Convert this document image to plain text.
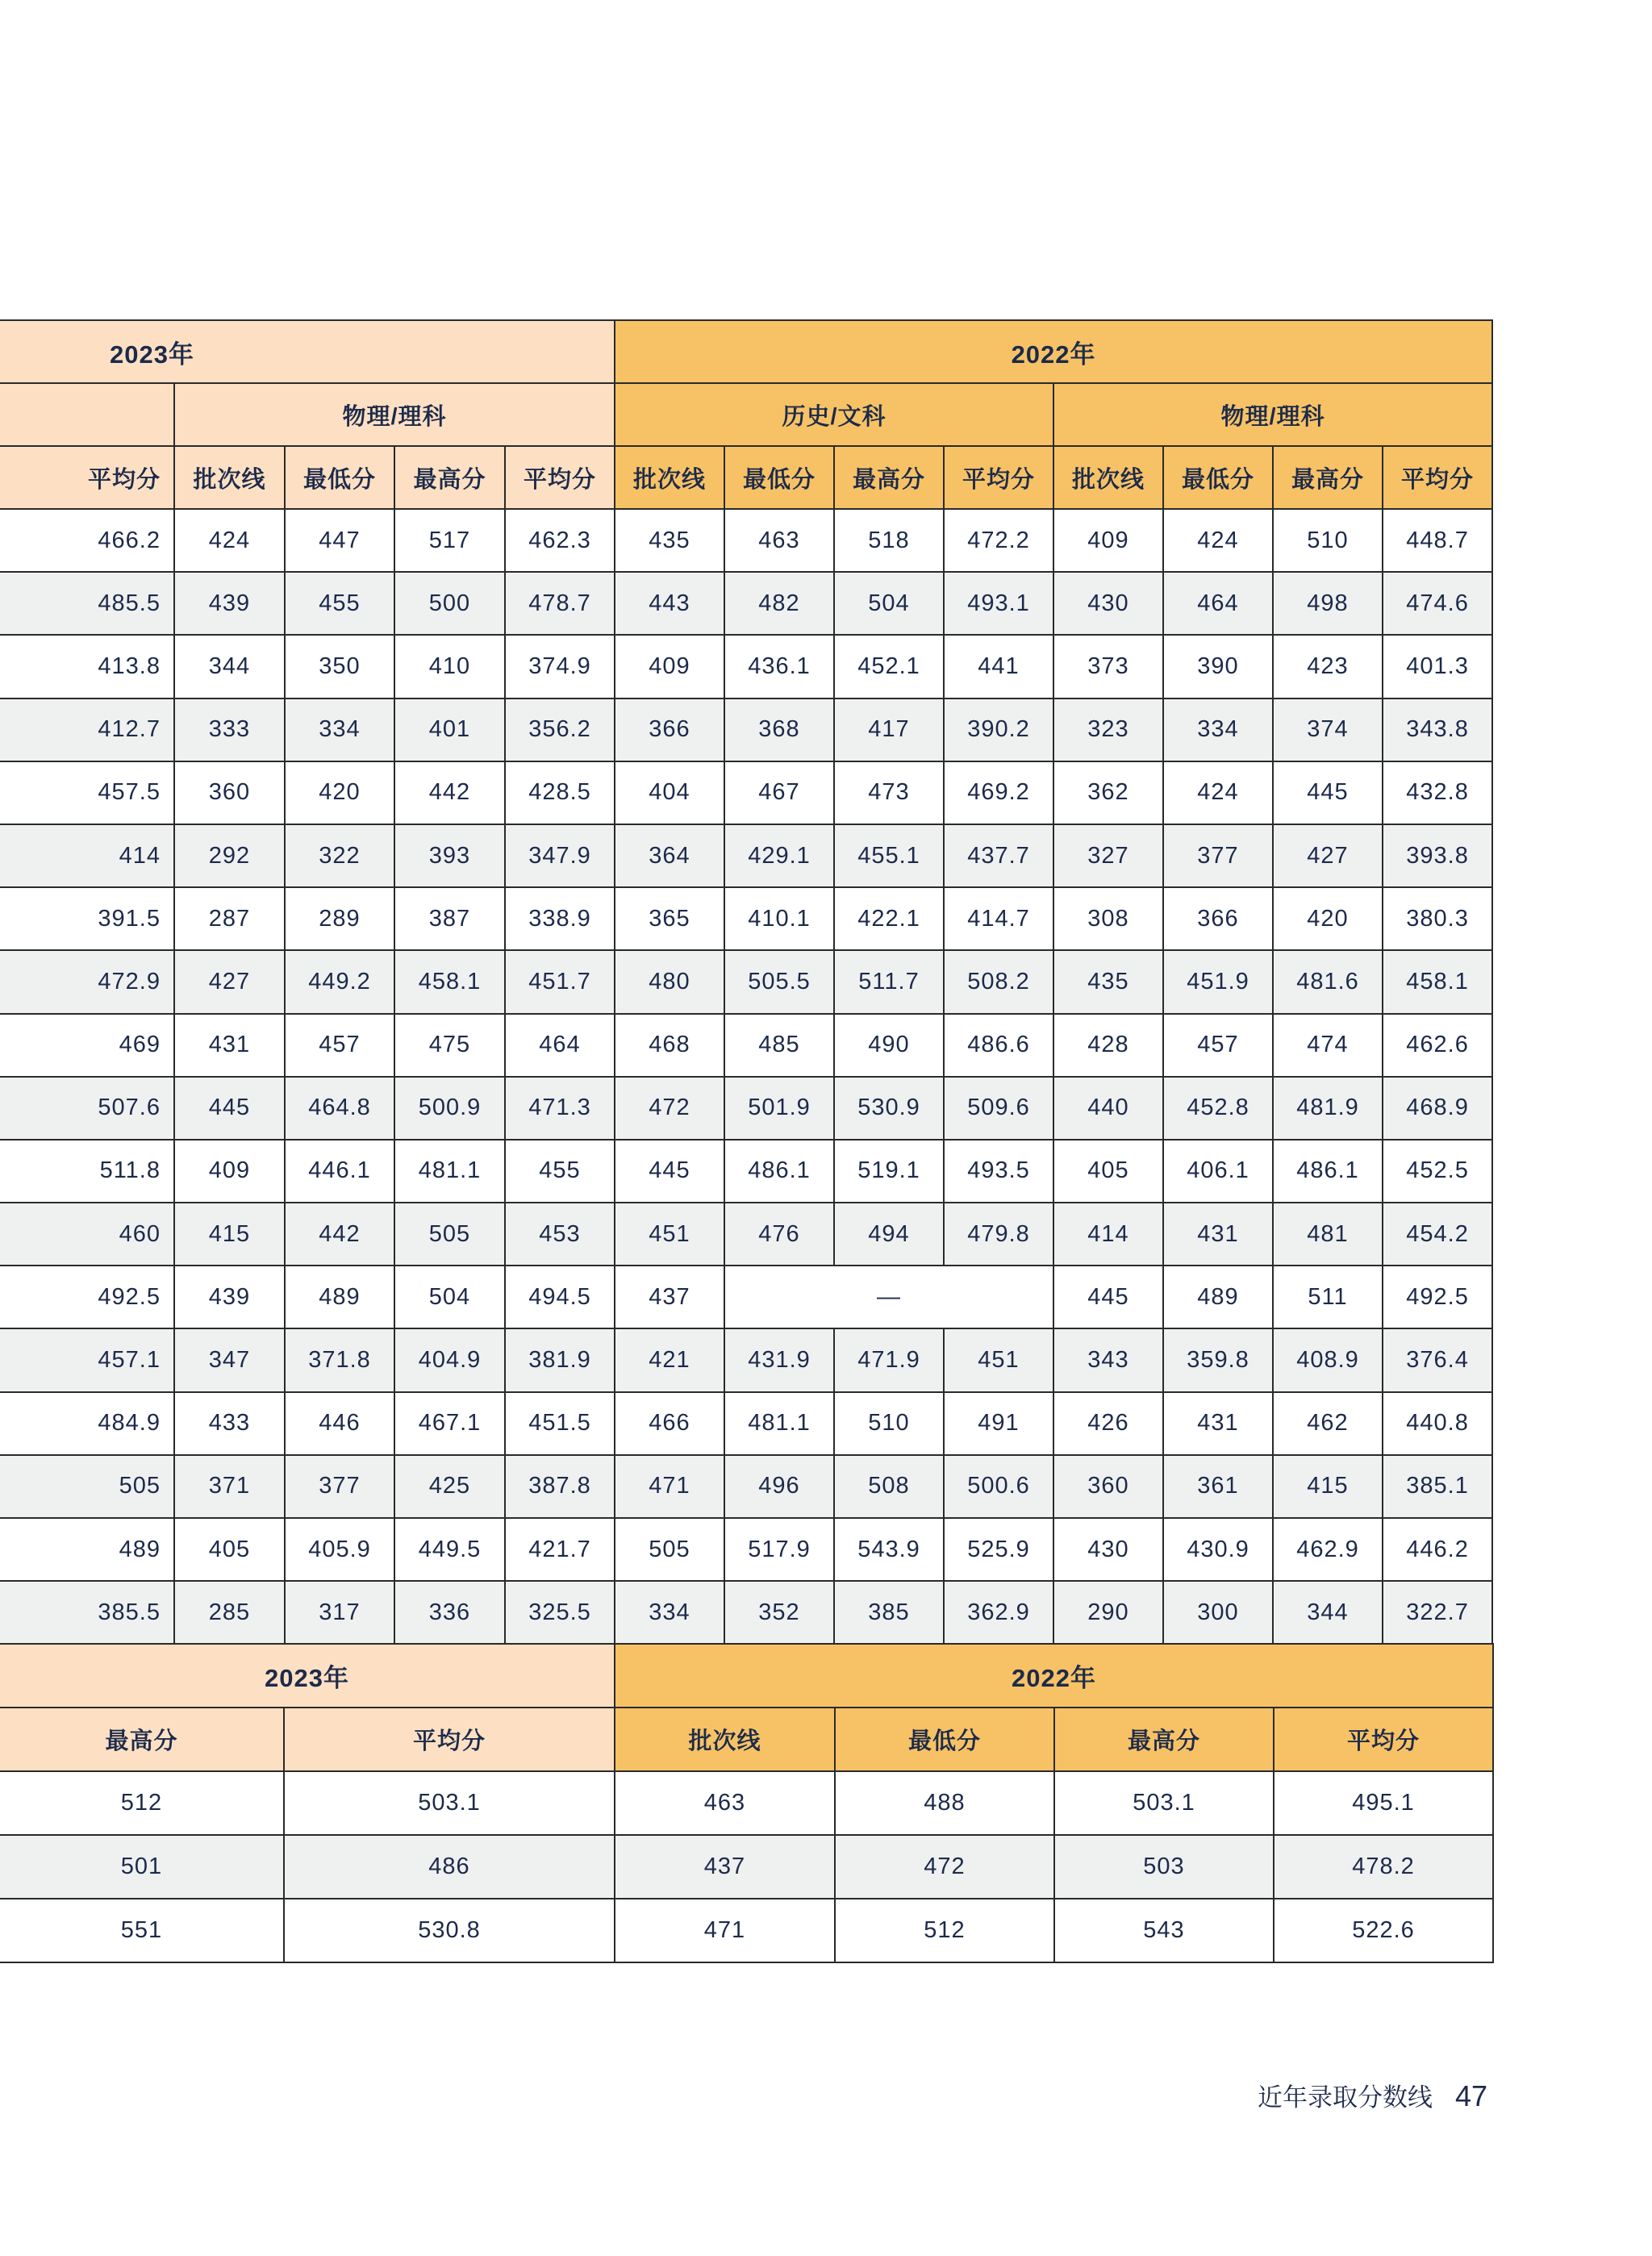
2023年					2022年							
	物理/理科				历史/文科				物理/理科			
平均分	批次线	最低分	最高分	平均分	批次线	最低分	最高分	平均分	批次线	最低分	最高分	平均分
466.2	424	447	517	462.3	435	463	518	472.2	409	424	510	448.7
485.5	439	455	500	478.7	443	482	504	493.1	430	464	498	474.6
413.8	344	350	410	374.9	409	436.1	452.1	441	373	390	423	401.3
412.7	333	334	401	356.2	366	368	417	390.2	323	334	374	343.8
457.5	360	420	442	428.5	404	467	473	469.2	362	424	445	432.8
414	292	322	393	347.9	364	429.1	455.1	437.7	327	377	427	393.8
391.5	287	289	387	338.9	365	410.1	422.1	414.7	308	366	420	380.3
472.9	427	449.2	458.1	451.7	480	505.5	511.7	508.2	435	451.9	481.6	458.1
469	431	457	475	464	468	485	490	486.6	428	457	474	462.6
507.6	445	464.8	500.9	471.3	472	501.9	530.9	509.6	440	452.8	481.9	468.9
511.8	409	446.1	481.1	455	445	486.1	519.1	493.5	405	406.1	486.1	452.5
460	415	442	505	453	451	476	494	479.8	414	431	481	454.2
492.5	439	489	504	494.5	437	—			445	489	511	492.5
457.1	347	371.8	404.9	381.9	421	431.9	471.9	451	343	359.8	408.9	376.4
484.9	433	446	467.1	451.5	466	481.1	510	491	426	431	462	440.8
505	371	377	425	387.8	471	496	508	500.6	360	361	415	385.1
489	405	405.9	449.5	421.7	505	517.9	543.9	525.9	430	430.9	462.9	446.2
385.5	285	317	336	325.5	334	352	385	362.9	290	300	344	322.7
2023年		2022年			
最高分	平均分	批次线	最低分	最高分	平均分
512	503.1	463	488	503.1	495.1
501	486	437	472	503	478.2
551	530.8	471	512	543	522.6
近年录取分数线 47
